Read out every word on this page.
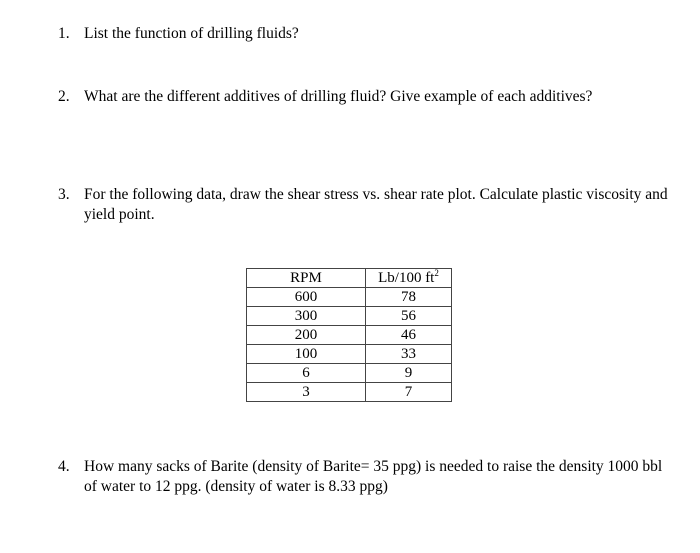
1. List the function of drilling fluids?
2. What are the different additives of drilling fluid? Give example of each additives?
3. For the following data, draw the shear stress vs. shear rate plot. Calculate plastic viscosity and yield point.
RPM	Lb/100 $ft^2$
600	78
300	56
200	46
100	33
6	9
3	7
4. How many sacks of Barite (density of Barite= 35 ppg) is needed to raise the density 1000 bbl of water to 12 ppg. (density of water is 8.33 ppg)
